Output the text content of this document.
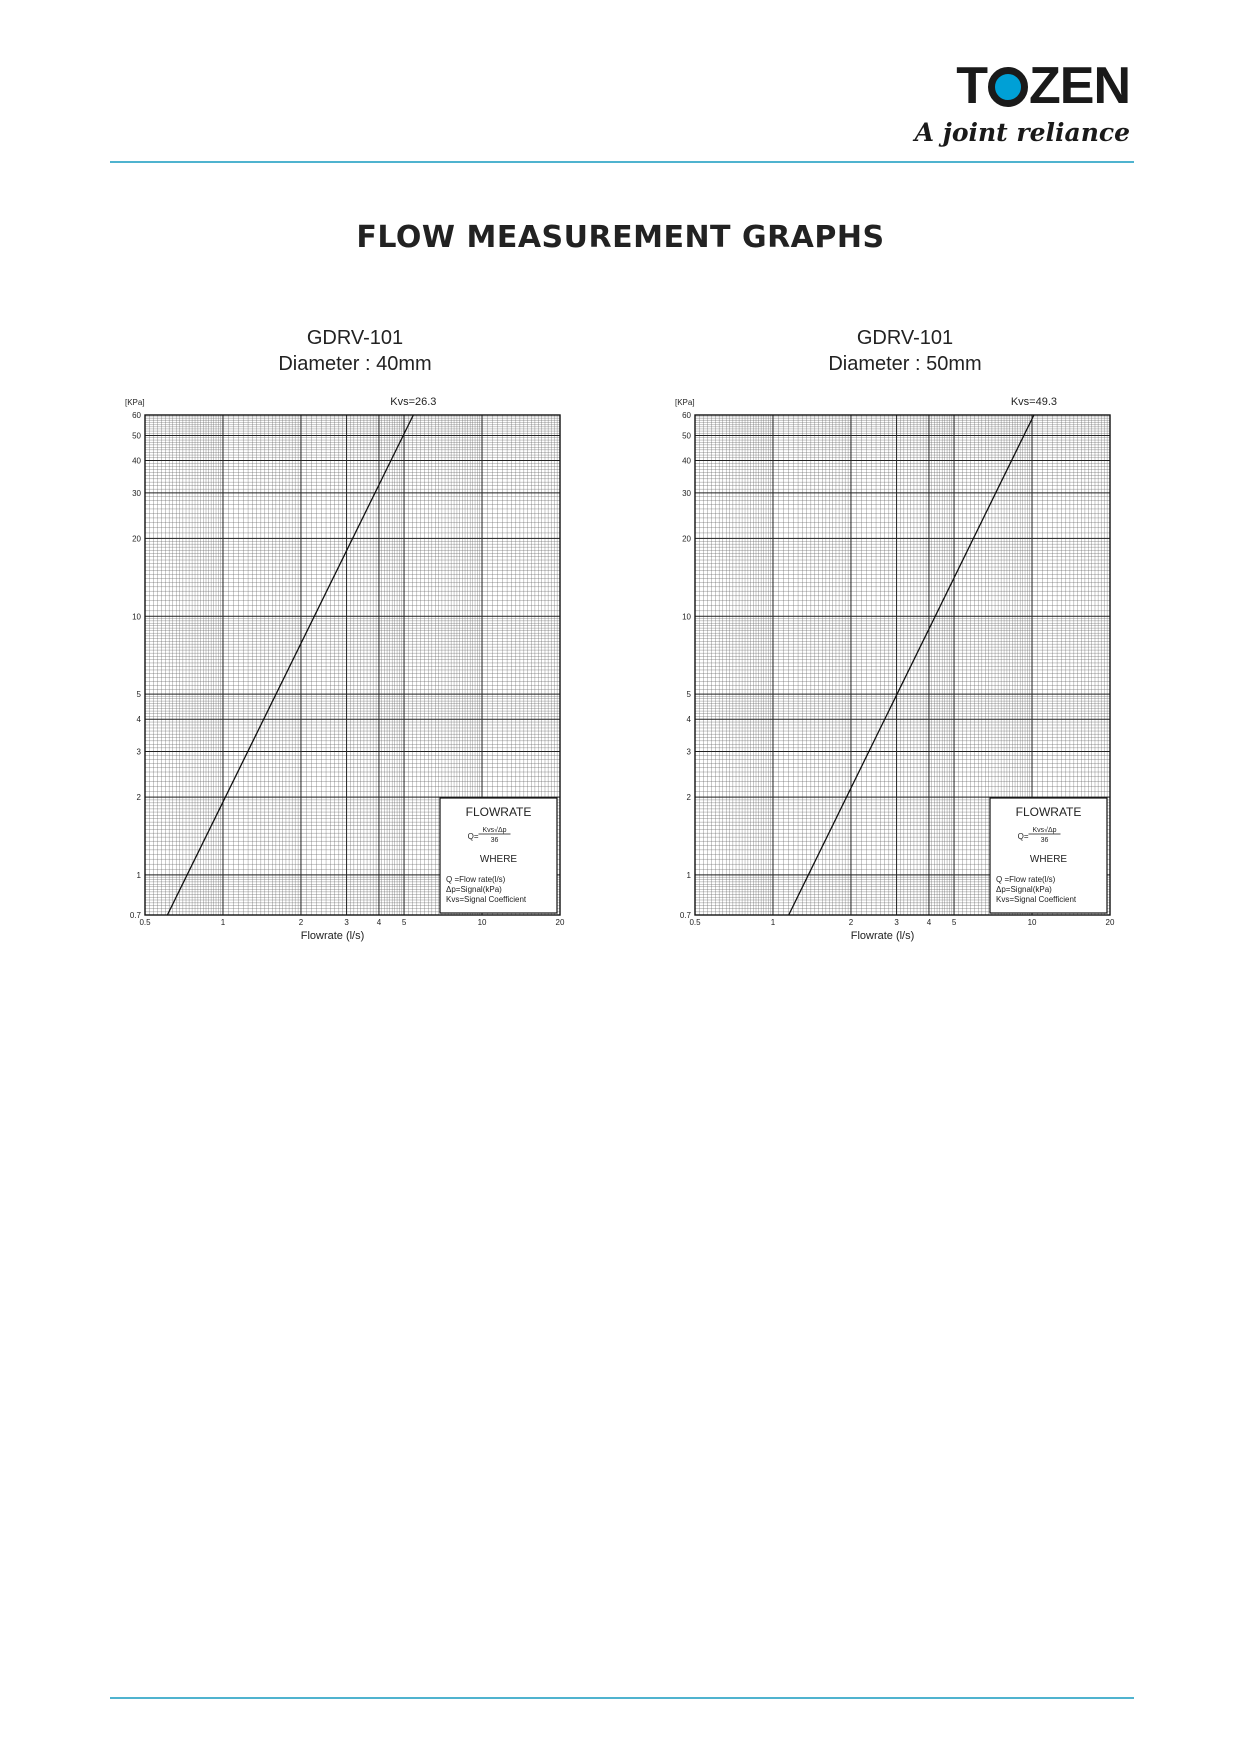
T ZEN
A joint reliance
FLOW MEASUREMENT GRAPHS
GDRV-101
Diameter : 40mm
0.5	1	2	3	4	5	10	20
0.7
1
2
3
4
5
10
20
30
40
50
60
[KPa]
Flowrate (l/s)
Kvs=26.3
FLOWRATE
Q=
Kvs√Δp
36
WHERE
Q =Flow rate(l/s)
Δp=Signal(kPa)
Kvs=Signal Coefficient
GDRV-101
Diameter : 50mm
0.5	1	2	3	4	5	10	20
0.7
1
2
3
4
5
10
20
30
40
50
60
[KPa]
Flowrate (l/s)
Kvs=49.3
FLOWRATE
Q=
Kvs√Δp
36
WHERE
Q =Flow rate(l/s)
Δp=Signal(kPa)
Kvs=Signal Coefficient
